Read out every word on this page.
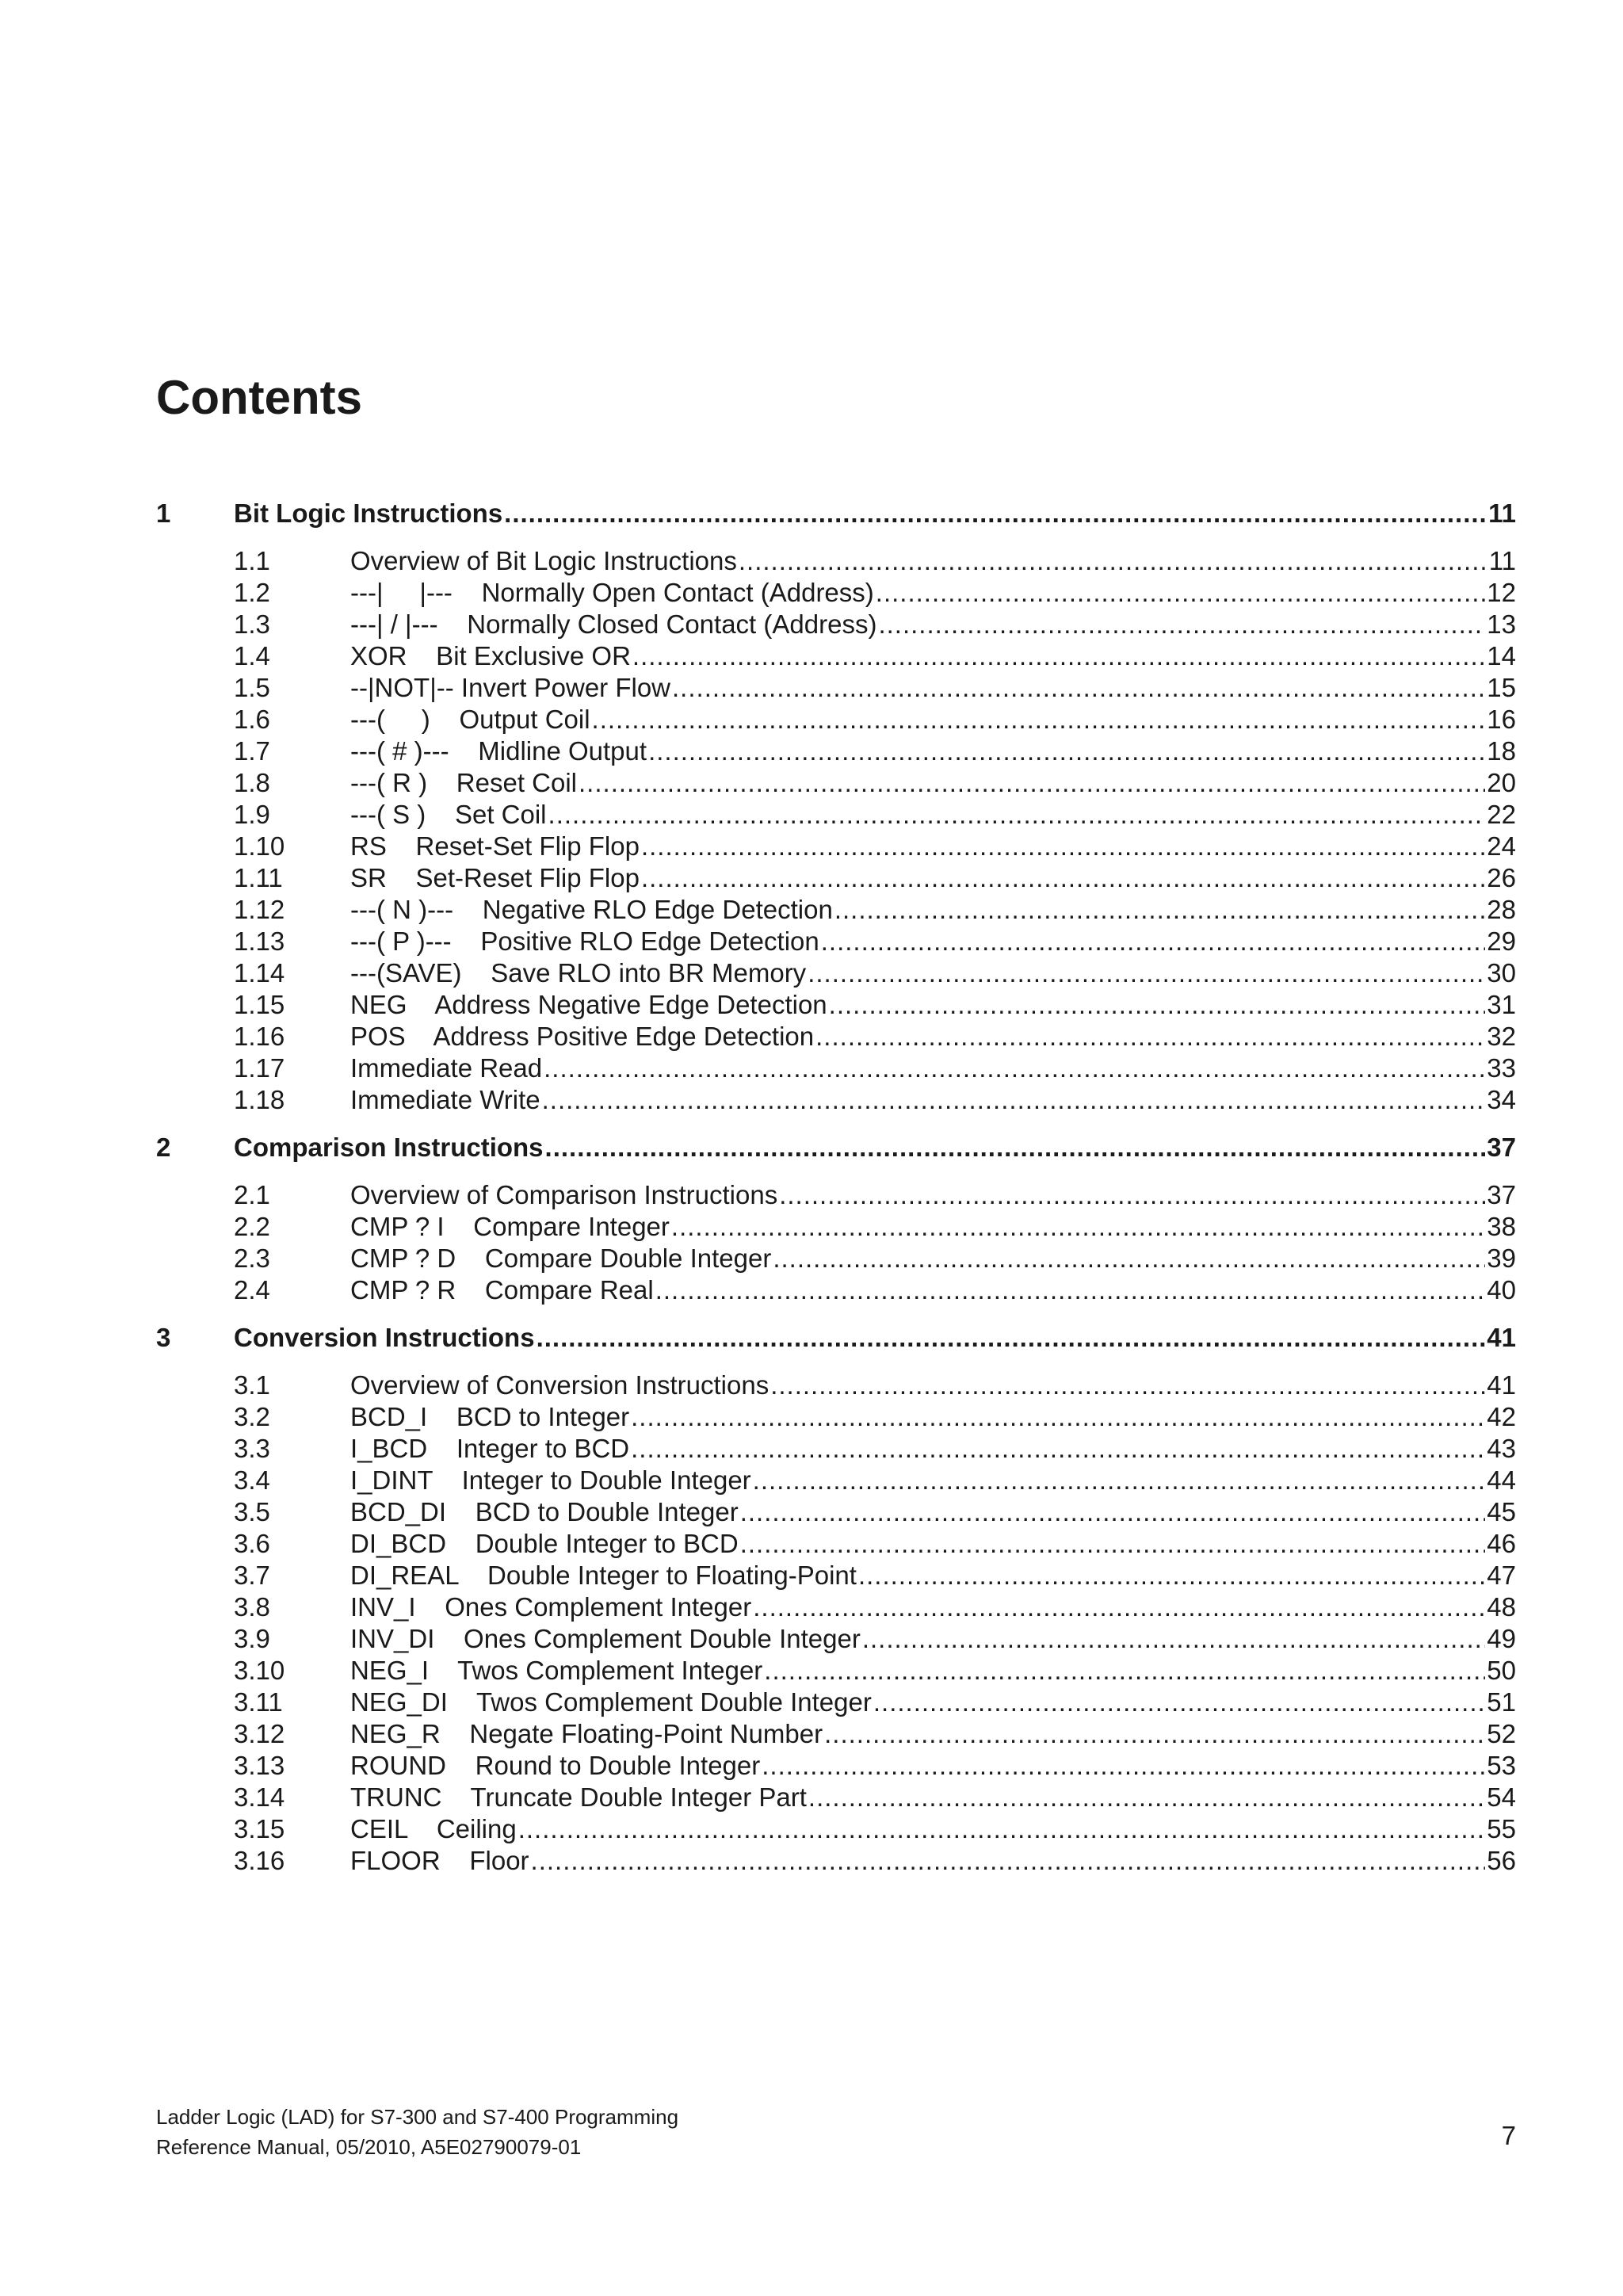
Contents
1	Bit Logic Instructions .....	11
1.1	Overview of Bit Logic Instructions .....	11
1.2	---|     |---    Normally Open Contact (Address) .....	12
1.3	---| / |---    Normally Closed Contact (Address) .....	13
1.4	XOR    Bit Exclusive OR .....	14
1.5	--|NOT|-- Invert Power Flow .....	15
1.6	---(     )    Output Coil .....	16
1.7	---( # )---    Midline Output .....	18
1.8	---( R )    Reset Coil .....	20
1.9	---( S )    Set Coil .....	22
1.10	RS    Reset-Set Flip Flop .....	24
1.11	SR    Set-Reset Flip Flop .....	26
1.12	---( N )---    Negative RLO Edge Detection .....	28
1.13	---( P )---    Positive RLO Edge Detection .....	29
1.14	---(SAVE)    Save RLO into BR Memory .....	30
1.15	NEG    Address Negative Edge Detection .....	31
1.16	POS    Address Positive Edge Detection .....	32
1.17	Immediate Read .....	33
1.18	Immediate Write .....	34
2	Comparison Instructions .....	37
2.1	Overview of Comparison Instructions .....	37
2.2	CMP ? I    Compare Integer .....	38
2.3	CMP ? D    Compare Double Integer .....	39
2.4	CMP ? R    Compare Real .....	40
3	Conversion Instructions .....	41
3.1	Overview of Conversion Instructions .....	41
3.2	BCD_I    BCD to Integer .....	42
3.3	I_BCD    Integer to BCD .....	43
3.4	I_DINT    Integer to Double Integer .....	44
3.5	BCD_DI    BCD to Double Integer .....	45
3.6	DI_BCD    Double Integer to BCD .....	46
3.7	DI_REAL    Double Integer to Floating-Point .....	47
3.8	INV_I    Ones Complement Integer .....	48
3.9	INV_DI    Ones Complement Double Integer .....	49
3.10	NEG_I    Twos Complement Integer .....	50
3.11	NEG_DI    Twos Complement Double Integer .....	51
3.12	NEG_R    Negate Floating-Point Number .....	52
3.13	ROUND    Round to Double Integer .....	53
3.14	TRUNC    Truncate Double Integer Part .....	54
3.15	CEIL    Ceiling .....	55
3.16	FLOOR    Floor .....	56
Ladder Logic (LAD) for S7-300 and S7-400 Programming
Reference Manual, 05/2010, A5E02790079-01	7
